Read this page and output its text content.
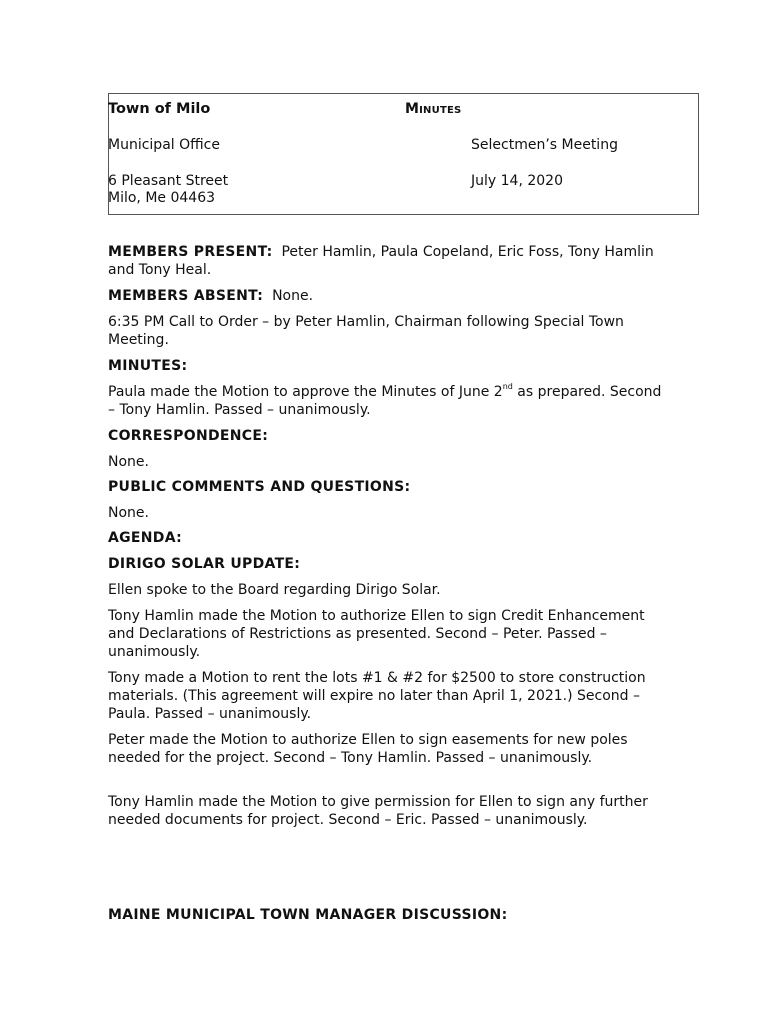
Town of Milo	Minutes
Municipal Office	Selectmen’s Meeting
6 Pleasant Street
Milo, Me 04463
July 14, 2020
MEMBERS PRESENT: Peter Hamlin, Paula Copeland, Eric Foss, Tony Hamlin and Tony Heal.
MEMBERS ABSENT: None.
6:35 PM Call to Order – by Peter Hamlin, Chairman following Special Town Meeting.
MINUTES:
Paula made the Motion to approve the Minutes of June 2nd as prepared. Second – Tony Hamlin. Passed – unanimously.
CORRESPONDENCE:
None.
PUBLIC COMMENTS AND QUESTIONS:
None.
AGENDA:
DIRIGO SOLAR UPDATE:
Ellen spoke to the Board regarding Dirigo Solar.
Tony Hamlin made the Motion to authorize Ellen to sign Credit Enhancement and Declarations of Restrictions as presented. Second – Peter. Passed – unanimously.
Tony made a Motion to rent the lots #1 & #2 for $2500 to store construction materials. (This agreement will expire no later than April 1, 2021.) Second – Paula. Passed – unanimously.
Peter made the Motion to authorize Ellen to sign easements for new poles needed for the project. Second – Tony Hamlin. Passed – unanimously.
Tony Hamlin made the Motion to give permission for Ellen to sign any further needed documents for project. Second – Eric. Passed – unanimously.
MAINE MUNICIPAL TOWN MANAGER DISCUSSION:
